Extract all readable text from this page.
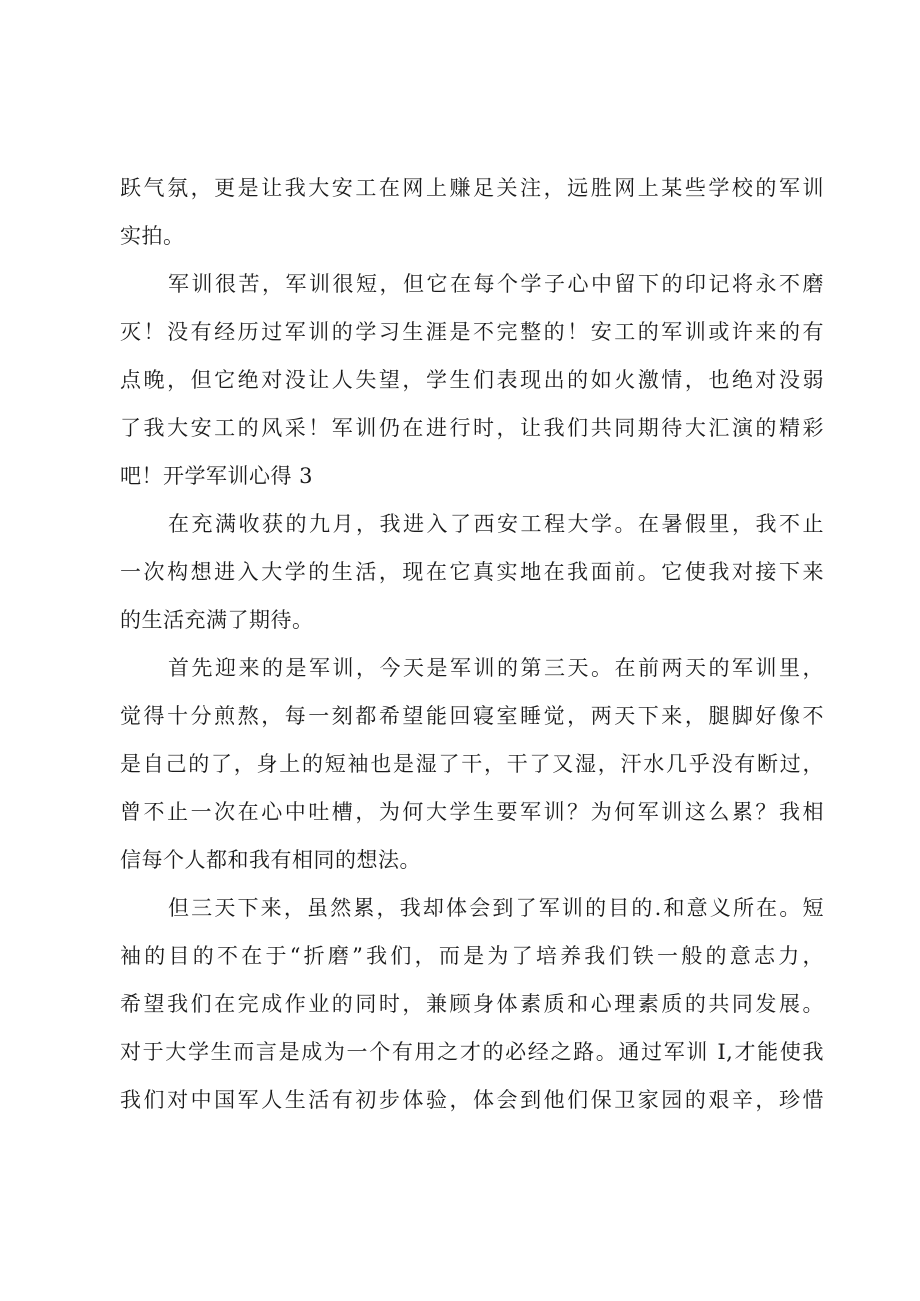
跃气氛，更是让我大安工在网上赚足关注，远胜网上某些学校的军训
实拍。
军训很苦，军训很短，但它在每个学子心中留下的印记将永不磨
灭！没有经历过军训的学习生涯是不完整的！安工的军训或许来的有
点晚，但它绝对没让人失望，学生们表现出的如火激情，也绝对没弱
了我大安工的风采！军训仍在进行时，让我们共同期待大汇演的精彩
吧！开学军训心得 3
在充满收获的九月，我进入了西安工程大学。在暑假里，我不止
一次构想进入大学的生活，现在它真实地在我面前。它使我对接下来
的生活充满了期待。
首先迎来的是军训，今天是军训的第三天。在前两天的军训里，
觉得十分煎熬，每一刻都希望能回寝室睡觉，两天下来，腿脚好像不
是自己的了，身上的短袖也是湿了干，干了又湿，汗水几乎没有断过，
曾不止一次在心中吐槽，为何大学生要军训？为何军训这么累？我相
信每个人都和我有相同的想法。
但三天下来，虽然累，我却体会到了军训的目的.和意义所在。短
袖的目的不在于“折磨”我们，而是为了培养我们铁一般的意志力，
希望我们在完成作业的同时，兼顾身体素质和心理素质的共同发展。
对于大学生而言是成为一个有用之才的必经之路。通过军训 I,才能使我
我们对中国军人生活有初步体验，体会到他们保卫家园的艰辛，珍惜
